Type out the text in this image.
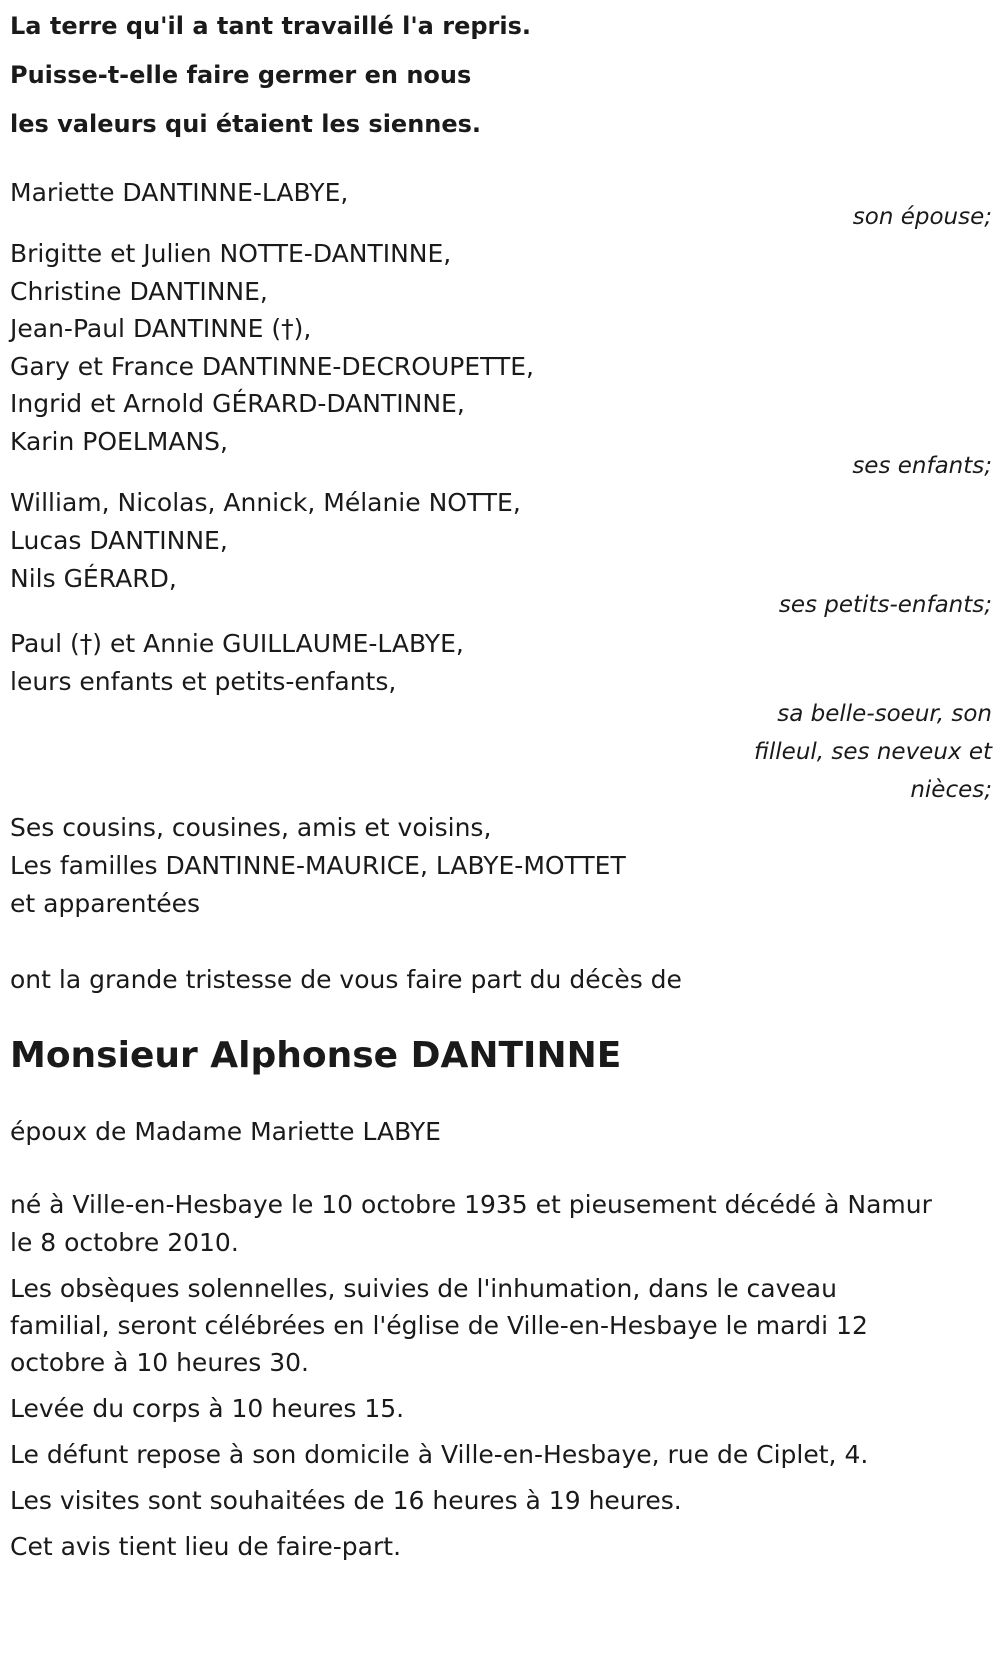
La terre qu'il a tant travaillé l'a repris.
Puisse-t-elle faire germer en nous
les valeurs qui étaient les siennes.
Mariette DANTINNE-LABYE,
son épouse;
Brigitte et Julien NOTTE-DANTINNE,
Christine DANTINNE,
Jean-Paul DANTINNE (†),
Gary et France DANTINNE-DECROUPETTE,
Ingrid et Arnold GÉRARD-DANTINNE,
Karin POELMANS,
ses enfants;
William, Nicolas, Annick, Mélanie NOTTE,
Lucas DANTINNE,
Nils GÉRARD,
ses petits-enfants;
Paul (†) et Annie GUILLAUME-LABYE,
leurs enfants et petits-enfants,
sa belle-soeur, son filleul, ses neveux et nièces;
Ses cousins, cousines, amis et voisins,
Les familles DANTINNE-MAURICE, LABYE-MOTTET
et apparentées
ont la grande tristesse de vous faire part du décès de
Monsieur Alphonse DANTINNE
époux de Madame Mariette LABYE
né à Ville-en-Hesbaye le 10 octobre 1935 et pieusement décédé à Namur le 8 octobre 2010.
Les obsèques solennelles, suivies de l'inhumation, dans le caveau familial, seront célébrées en l'église de Ville-en-Hesbaye le mardi 12 octobre à 10 heures 30.
Levée du corps à 10 heures 15.
Le défunt repose à son domicile à Ville-en-Hesbaye, rue de Ciplet, 4.
Les visites sont souhaitées de 16 heures à 19 heures.
Cet avis tient lieu de faire-part.
